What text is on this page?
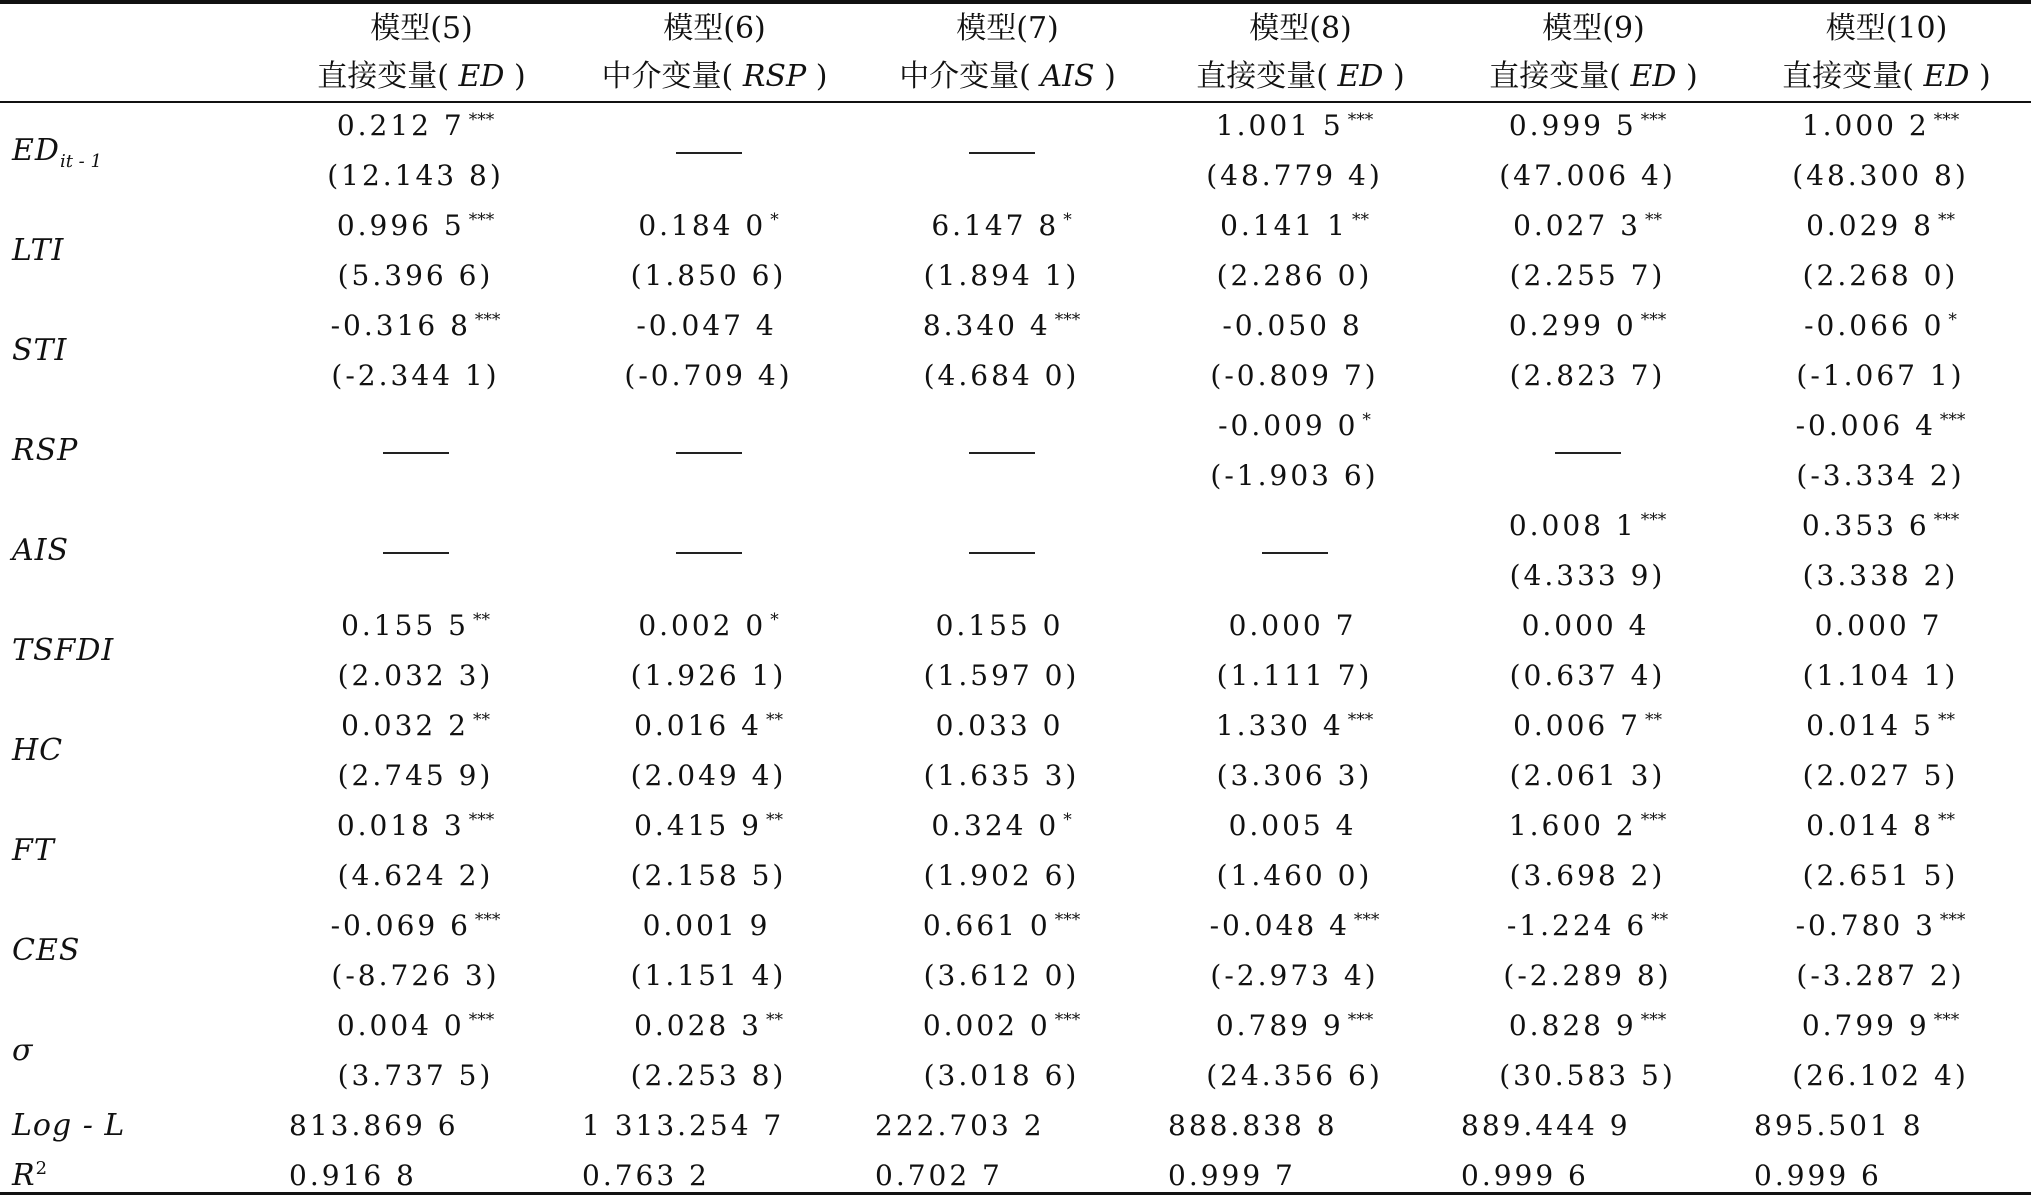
	模型(5)	模型(6)	模型(7)	模型(8)	模型(9)	模型(10)
	直接变量( ED )	中介变量( RSP )	中介变量( AIS )	直接变量( ED )	直接变量( ED )	直接变量( ED )
$ED_{it - 1}$	0.212 7 ***			1.001 5 ***	0.999 5 ***	1.000 2 ***
	(12.143 8)			(48.779 4)	(47.006 4)	(48.300 8)
LTI	0.996 5 ***	0.184 0 *	6.147 8 *	0.141 1 **	0.027 3 **	0.029 8 **
	(5.396 6)	(1.850 6)	(1.894 1)	(2.286 0)	(2.255 7)	(2.268 0)
STI	-0.316 8 ***	-0.047 4	8.340 4 ***	-0.050 8	0.299 0 ***	-0.066 0 *
	(-2.344 1)	(-0.709 4)	(4.684 0)	(-0.809 7)	(2.823 7)	(-1.067 1)
RSP				-0.009 0 *		-0.006 4 ***
				(-1.903 6)		(-3.334 2)
AIS					0.008 1 ***	0.353 6 ***
					(4.333 9)	(3.338 2)
TSFDI	0.155 5 **	0.002 0 *	0.155 0	0.000 7	0.000 4	0.000 7
	(2.032 3)	(1.926 1)	(1.597 0)	(1.111 7)	(0.637 4)	(1.104 1)
HC	0.032 2 **	0.016 4 **	0.033 0	1.330 4 ***	0.006 7 **	0.014 5 **
	(2.745 9)	(2.049 4)	(1.635 3)	(3.306 3)	(2.061 3)	(2.027 5)
FT	0.018 3 ***	0.415 9 **	0.324 0 *	0.005 4	1.600 2 ***	0.014 8 **
	(4.624 2)	(2.158 5)	(1.902 6)	(1.460 0)	(3.698 2)	(2.651 5)
CES	-0.069 6 ***	0.001 9	0.661 0 ***	-0.048 4 ***	-1.224 6 **	-0.780 3 ***
	(-8.726 3)	(1.151 4)	(3.612 0)	(-2.973 4)	(-2.289 8)	(-3.287 2)
σ	0.004 0 ***	0.028 3 **	0.002 0 ***	0.789 9 ***	0.828 9 ***	0.799 9 ***
	(3.737 5)	(2.253 8)	(3.018 6)	(24.356 6)	(30.583 5)	(26.102 4)
Log - L	813.869 6	1 313.254 7	222.703 2	888.838 8	889.444 9	895.501 8
$R^2$	0.916 8	0.763 2	0.702 7	0.999 7	0.999 6	0.999 6
